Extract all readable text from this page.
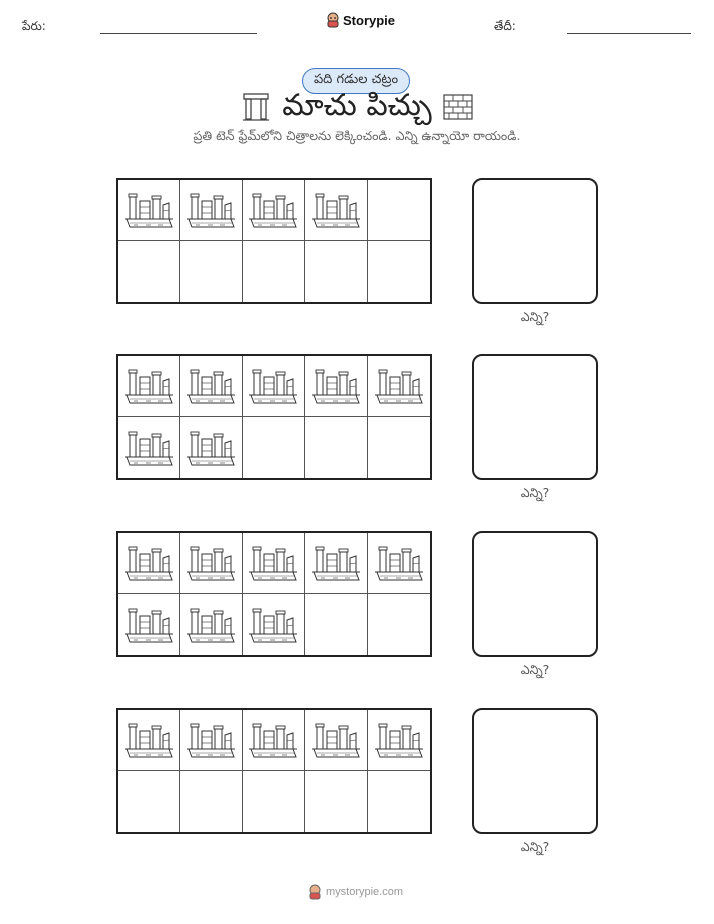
పేరు:	Storypie	తేదీ:
పది గడుల చట్రం
మాచు పిచ్చు
ప్రతి టెన్ ఫ్రేమ్‌లోని చిత్రాలను లెక్కించండి. ఎన్ని ఉన్నాయో రాయండి.
ఎన్ని?
ఎన్ని?
ఎన్ని?
ఎన్ని?
mystorypie.com
